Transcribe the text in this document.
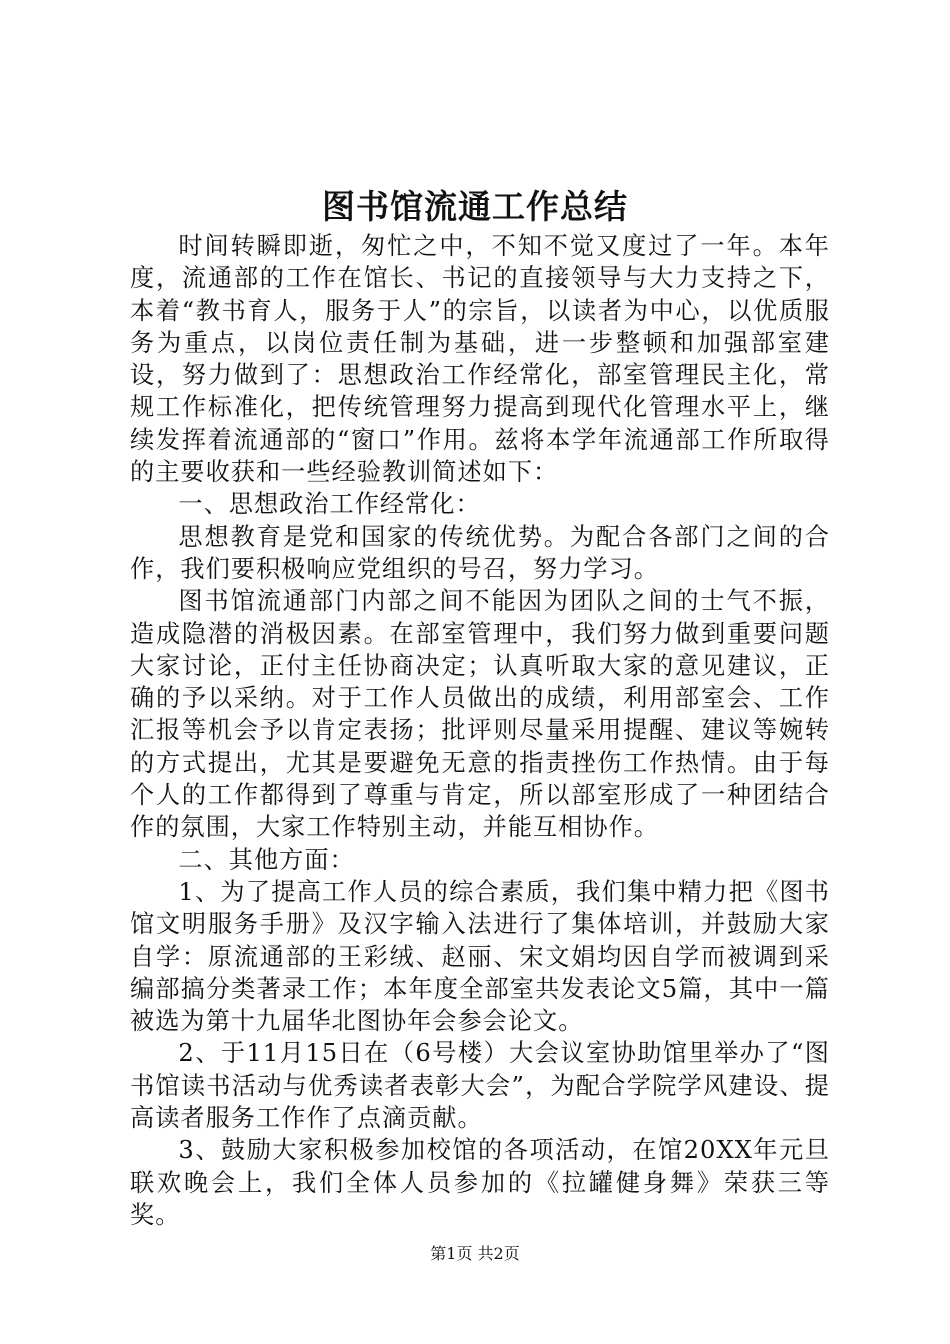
图书馆流通工作总结

时间转瞬即逝，匆忙之中，不知不觉又度过了一年。本年度，流通部的工作在馆长、书记的直接领导与大力支持之下，本着“教书育人，服务于人”的宗旨，以读者为中心，以优质服务为重点，以岗位责任制为基础，进一步整顿和加强部室建设，努力做到了：思想政治工作经常化，部室管理民主化，常规工作标准化，把传统管理努力提高到现代化管理水平上，继续发挥着流通部的“窗口”作用。兹将本学年流通部工作所取得的主要收获和一些经验教训简述如下：

一、思想政治工作经常化：

思想教育是党和国家的传统优势。为配合各部门之间的合作，我们要积极响应党组织的号召，努力学习。

图书馆流通部门内部之间不能因为团队之间的士气不振，造成隐潜的消极因素。在部室管理中，我们努力做到重要问题大家讨论，正付主任协商决定；认真听取大家的意见建议，正确的予以采纳。对于工作人员做出的成绩，利用部室会、工作汇报等机会予以肯定表扬；批评则尽量采用提醒、建议等婉转的方式提出，尤其是要避免无意的指责挫伤工作热情。由于每个人的工作都得到了尊重与肯定，所以部室形成了一种团结合作的氛围，大家工作特别主动，并能互相协作。

二、其他方面：

1、为了提高工作人员的综合素质，我们集中精力把《图书馆文明服务手册》及汉字输入法进行了集体培训，并鼓励大家自学：原流通部的王彩绒、赵丽、宋文娟均因自学而被调到采编部搞分类著录工作；本年度全部室共发表论文5篇，其中一篇被选为第十九届华北图协年会参会论文。

2、于11月15日在（6号楼）大会议室协助馆里举办了“图书馆读书活动与优秀读者表彰大会”，为配合学院学风建设、提高读者服务工作作了点滴贡献。

3、鼓励大家积极参加校馆的各项活动，在馆20XX年元旦联欢晚会上，我们全体人员参加的《拉罐健身舞》荣获三等奖。

第1页 共2页
